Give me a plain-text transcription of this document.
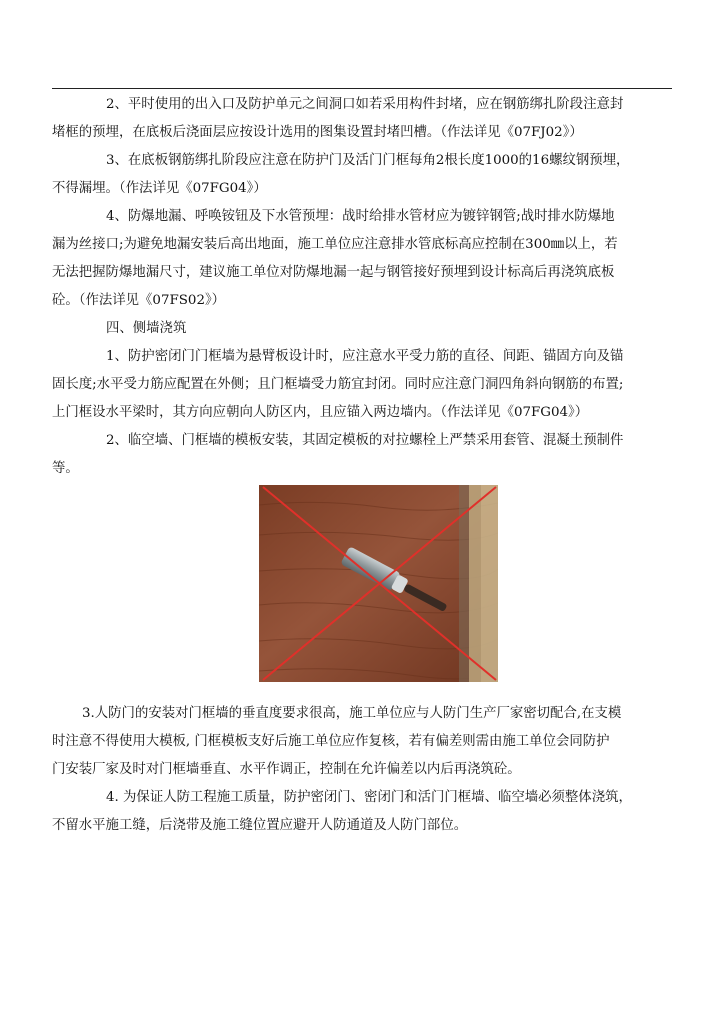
2、平时使用的出入口及防护单元之间洞口如若采用构件封堵，应在钢筋绑扎阶段注意封
堵框的预埋，在底板后浇面层应按设计选用的图集设置封堵凹槽。（作法详见《07FJ02》）
3、在底板钢筋绑扎阶段应注意在防护门及活门门框每角2根长度1000的16螺纹钢预埋，
不得漏埋。（作法详见《07FG04》）
4、防爆地漏、呼唤铵钮及下水管预埋：战时给排水管材应为镀锌钢管;战时排水防爆地
漏为丝接口;为避免地漏安装后高出地面，施工单位应注意排水管底标高应控制在300㎜以上，若
无法把握防爆地漏尺寸，建议施工单位对防爆地漏一起与钢管接好预埋到设计标高后再浇筑底板
砼。（作法详见《07FS02》）
四、侧墙浇筑
1、防护密闭门门框墙为悬臂板设计时，应注意水平受力筋的直径、间距、锚固方向及锚
固长度;水平受力筋应配置在外侧；且门框墙受力筋宜封闭。同时应注意门洞四角斜向钢筋的布置;
上门框设水平梁时，其方向应朝向人防区内，且应锚入两边墙内。（作法详见《07FG04》）
2、临空墙、门框墙的模板安装，其固定模板的对拉螺栓上严禁采用套管、混凝土预制件
等。
3.人防门的安装对门框墙的垂直度要求很高，施工单位应与人防门生产厂家密切配合,在支模
时注意不得使用大模板, 门框模板支好后施工单位应作复核，若有偏差则需由施工单位会同防护
门安装厂家及时对门框墙垂直、水平作调正，控制在允许偏差以内后再浇筑砼。
4. 为保证人防工程施工质量，防护密闭门、密闭门和活门门框墙、临空墙必须整体浇筑，
不留水平施工缝，后浇带及施工缝位置应避开人防通道及人防门部位。
